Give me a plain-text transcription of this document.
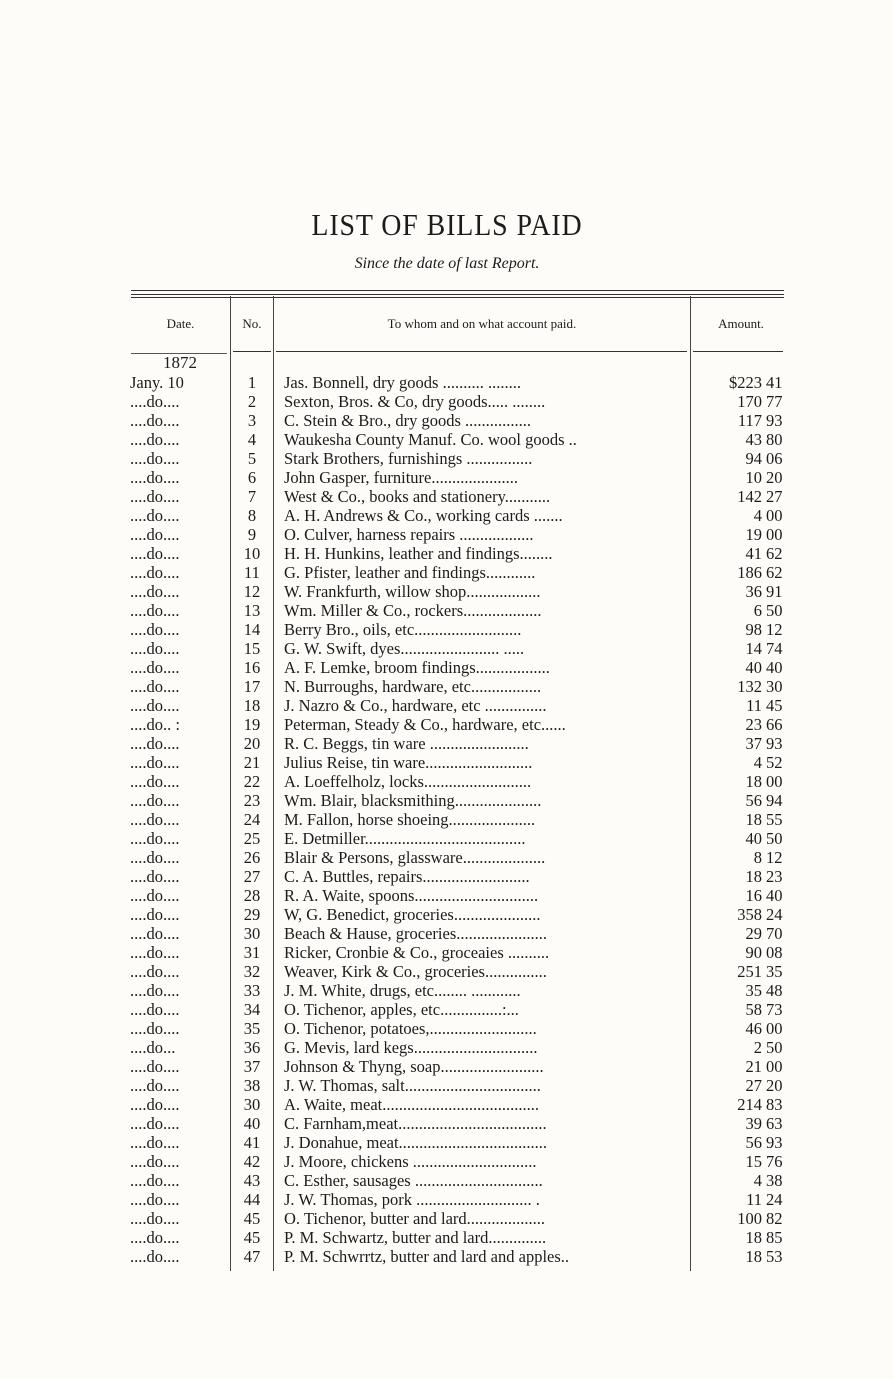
LIST OF BILLS PAID
Since the date of last Report.
Date.	No.	To whom and on what account paid.	Amount.
1872
Jany. 10	1	Jas. Bonnell, dry goods .......... ........	$223 41
....do....	2	Sexton, Bros. & Co, dry goods..... ........	170 77
....do....	3	C. Stein & Bro., dry goods ................	117 93
....do....	4	Waukesha County Manuf. Co. wool goods ..	43 80
....do....	5	Stark Brothers, furnishings ................	94 06
....do....	6	John Gasper, furniture.....................	10 20
....do....	7	West & Co., books and stationery...........	142 27
....do....	8	A. H. Andrews & Co., working cards .......	4 00
....do....	9	O. Culver, harness repairs ..................	19 00
....do....	10	H. H. Hunkins, leather and findings........	41 62
....do....	11	G. Pfister, leather and findings............	186 62
....do....	12	W. Frankfurth, willow shop..................	36 91
....do....	13	Wm. Miller & Co., rockers...................	6 50
....do....	14	Berry Bro., oils, etc..........................	98 12
....do....	15	G. W. Swift, dyes........................ .....	14 74
....do....	16	A. F. Lemke, broom findings..................	40 40
....do....	17	N. Burroughs, hardware, etc.................	132 30
....do....	18	J. Nazro & Co., hardware, etc ...............	11 45
....do.. :	19	Peterman, Steady & Co., hardware, etc......	23 66
....do....	20	R. C. Beggs, tin ware ........................	37 93
....do....	21	Julius Reise, tin ware..........................	4 52
....do....	22	A. Loeffelholz, locks..........................	18 00
....do....	23	Wm. Blair, blacksmithing.....................	56 94
....do....	24	M. Fallon, horse shoeing.....................	18 55
....do....	25	E. Detmiller.......................................	40 50
....do....	26	Blair & Persons, glassware....................	8 12
....do....	27	C. A. Buttles, repairs..........................	18 23
....do....	28	R. A. Waite, spoons..............................	16 40
....do....	29	W, G. Benedict, groceries.....................	358 24
....do....	30	Beach & Hause, groceries......................	29 70
....do....	31	Ricker, Cronbie & Co., groceaies ..........	90 08
....do....	32	Weaver, Kirk & Co., groceries...............	251 35
....do....	33	J. M. White, drugs, etc........ ............	35 48
....do....	34	O. Tichenor, apples, etc...............:...	58 73
....do....	35	O. Tichenor, potatoes,..........................	46 00
....do...	36	G. Mevis, lard kegs..............................	2 50
....do....	37	Johnson & Thyng, soap.........................	21 00
....do....	38	J. W. Thomas, salt.................................	27 20
....do....	30	A. Waite, meat......................................	214 83
....do....	40	C. Farnham,meat....................................	39 63
....do....	41	J. Donahue, meat....................................	56 93
....do....	42	J. Moore, chickens ..............................	15 76
....do....	43	C. Esther, sausages ...............................	4 38
....do....	44	J. W. Thomas, pork ............................ .	11 24
....do....	45	O. Tichenor, butter and lard...................	100 82
....do....	45	P. M. Schwartz, butter and lard..............	18 85
....do....	47	P. M. Schwrrtz, butter and lard and apples..	18 53
